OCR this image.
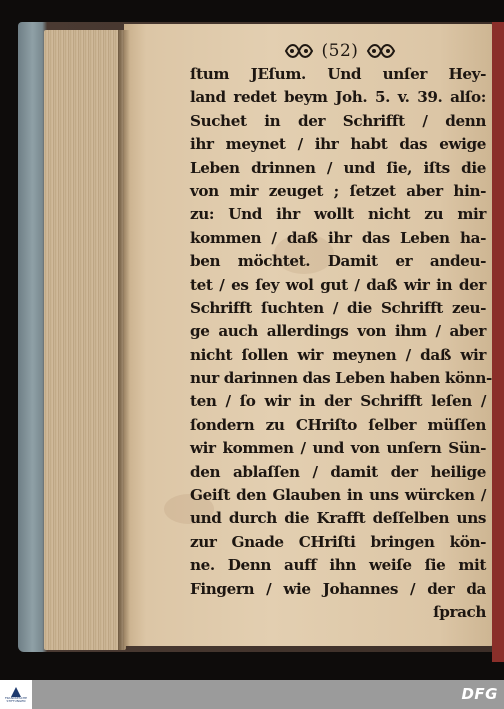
(52)
ſtum JEſum. Und unſer Hey-
land redet beym Joh. 5. v. 39. alſo:
Suchet in der Schrifft / denn
ihr meynet / ihr habt das ewige
Leben drinnen / und ſie, iſts die
von mir zeuget ; ſetzet aber hin-
zu: Und ihr wollt nicht zu mir
kommen / daß ihr das Leben ha-
ben möchtet. Damit er andeu-
tet / es ſey wol gut / daß wir in der
Schrifft ſuchten / die Schrifft zeu-
ge auch allerdings von ihm / aber
nicht ſollen wir meynen / daß wir
nur darinnen das Leben haben könn-
ten / ſo wir in der Schrifft leſen /
ſondern zu CHriſto ſelber müſſen
wir kommen / und von unſern Sün-
den ablaſſen / damit der heilige
Geiſt den Glauben in uns würcken /
und durch die Krafft deſſelben uns
zur Gnade CHriſti bringen kön-
ne. Denn auff ihn weiſe ſie mit
Fingern / wie Johannes / der da
ſprach
FRANCKESCHE STIFTUNGEN	DFG
